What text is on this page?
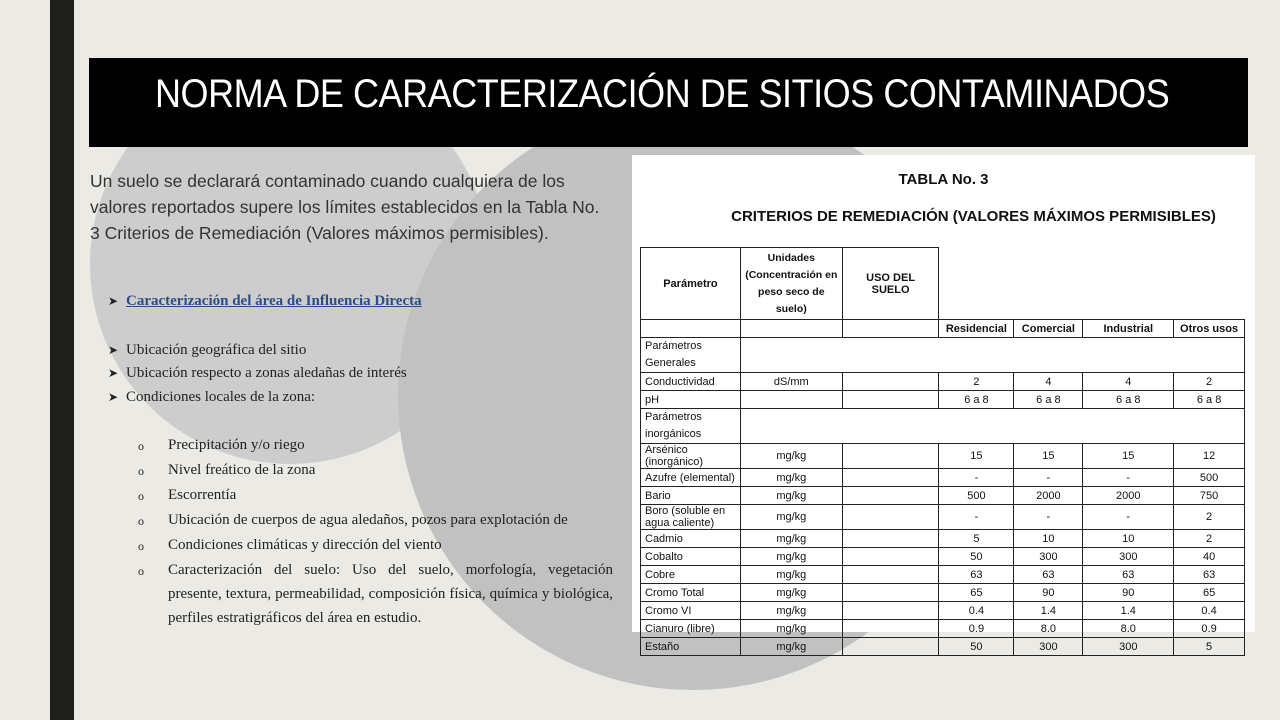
NORMA DE CARACTERIZACIÓN DE SITIOS CONTAMINADOS
Un suelo se declarará contaminado cuando cualquiera de los valores reportados supere los límites establecidos en la Tabla No. 3 Criterios de Remediación (Valores máximos permisibles).
➤ Caracterización del área de Influencia Directa
➤ Ubicación geográfica del sitio
➤ Ubicación respecto a zonas aledañas de interés
➤ Condiciones locales de la zona:
o	Precipitación y/o riego
o	Nivel freático de la zona
o	Escorrentía
o	Ubicación de cuerpos de agua aledaños, pozos para explotación de
o	Condiciones climáticas y dirección del viento
o	Caracterización del suelo: Uso del suelo, morfología, vegetación presente, textura, permeabilidad, composición física, química y biológica, perfiles estratigráficos del área en estudio.
TABLA No. 3
CRITERIOS DE REMEDIACIÓN (VALORES MÁXIMOS PERMISIBLES)
Parámetro	Unidades (Concentración en peso seco de suelo)	USO DEL SUELO				
			Residencial	Comercial	Industrial	Otros usos
Parámetros Generales						
Conductividad	dS/mm		2	4	4	2
pH			6 a 8	6 a 8	6 a 8	6 a 8
Parámetros inorgánicos						
Arsénico (inorgánico)	mg/kg		15	15	15	12
Azufre (elemental)	mg/kg		-	-	-	500
Bario	mg/kg		500	2000	2000	750
Boro (soluble en agua caliente)	mg/kg		-	-	-	2
Cadmio	mg/kg		5	10	10	2
Cobalto	mg/kg		50	300	300	40
Cobre	mg/kg		63	63	63	63
Cromo Total	mg/kg		65	90	90	65
Cromo VI	mg/kg		0.4	1.4	1.4	0.4
Cianuro (libre)	mg/kg		0.9	8.0	8.0	0.9
Estaño	mg/kg		50	300	300	5
